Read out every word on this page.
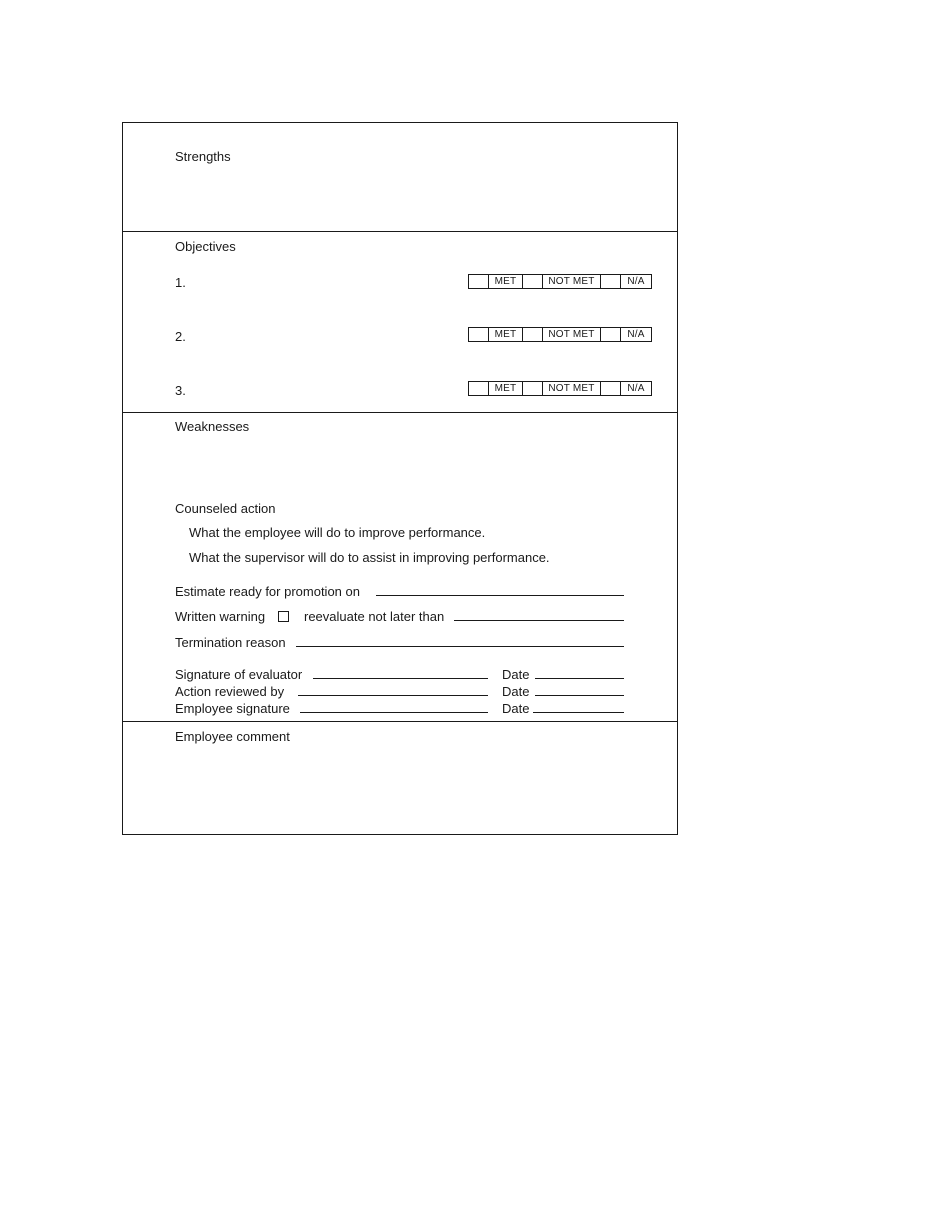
Strengths
Objectives
1.	MET	NOT MET	N/A
2.	MET	NOT MET	N/A
3.	MET	NOT MET	N/A
Weaknesses
Counseled action
What the employee will do to improve performance.
What the supervisor will do to assist in improving performance.
Estimate ready for promotion on
Written warning	reevaluate not later than
Termination reason
Signature of evaluator	Date
Action reviewed by	Date
Employee signature	Date
Employee comment
